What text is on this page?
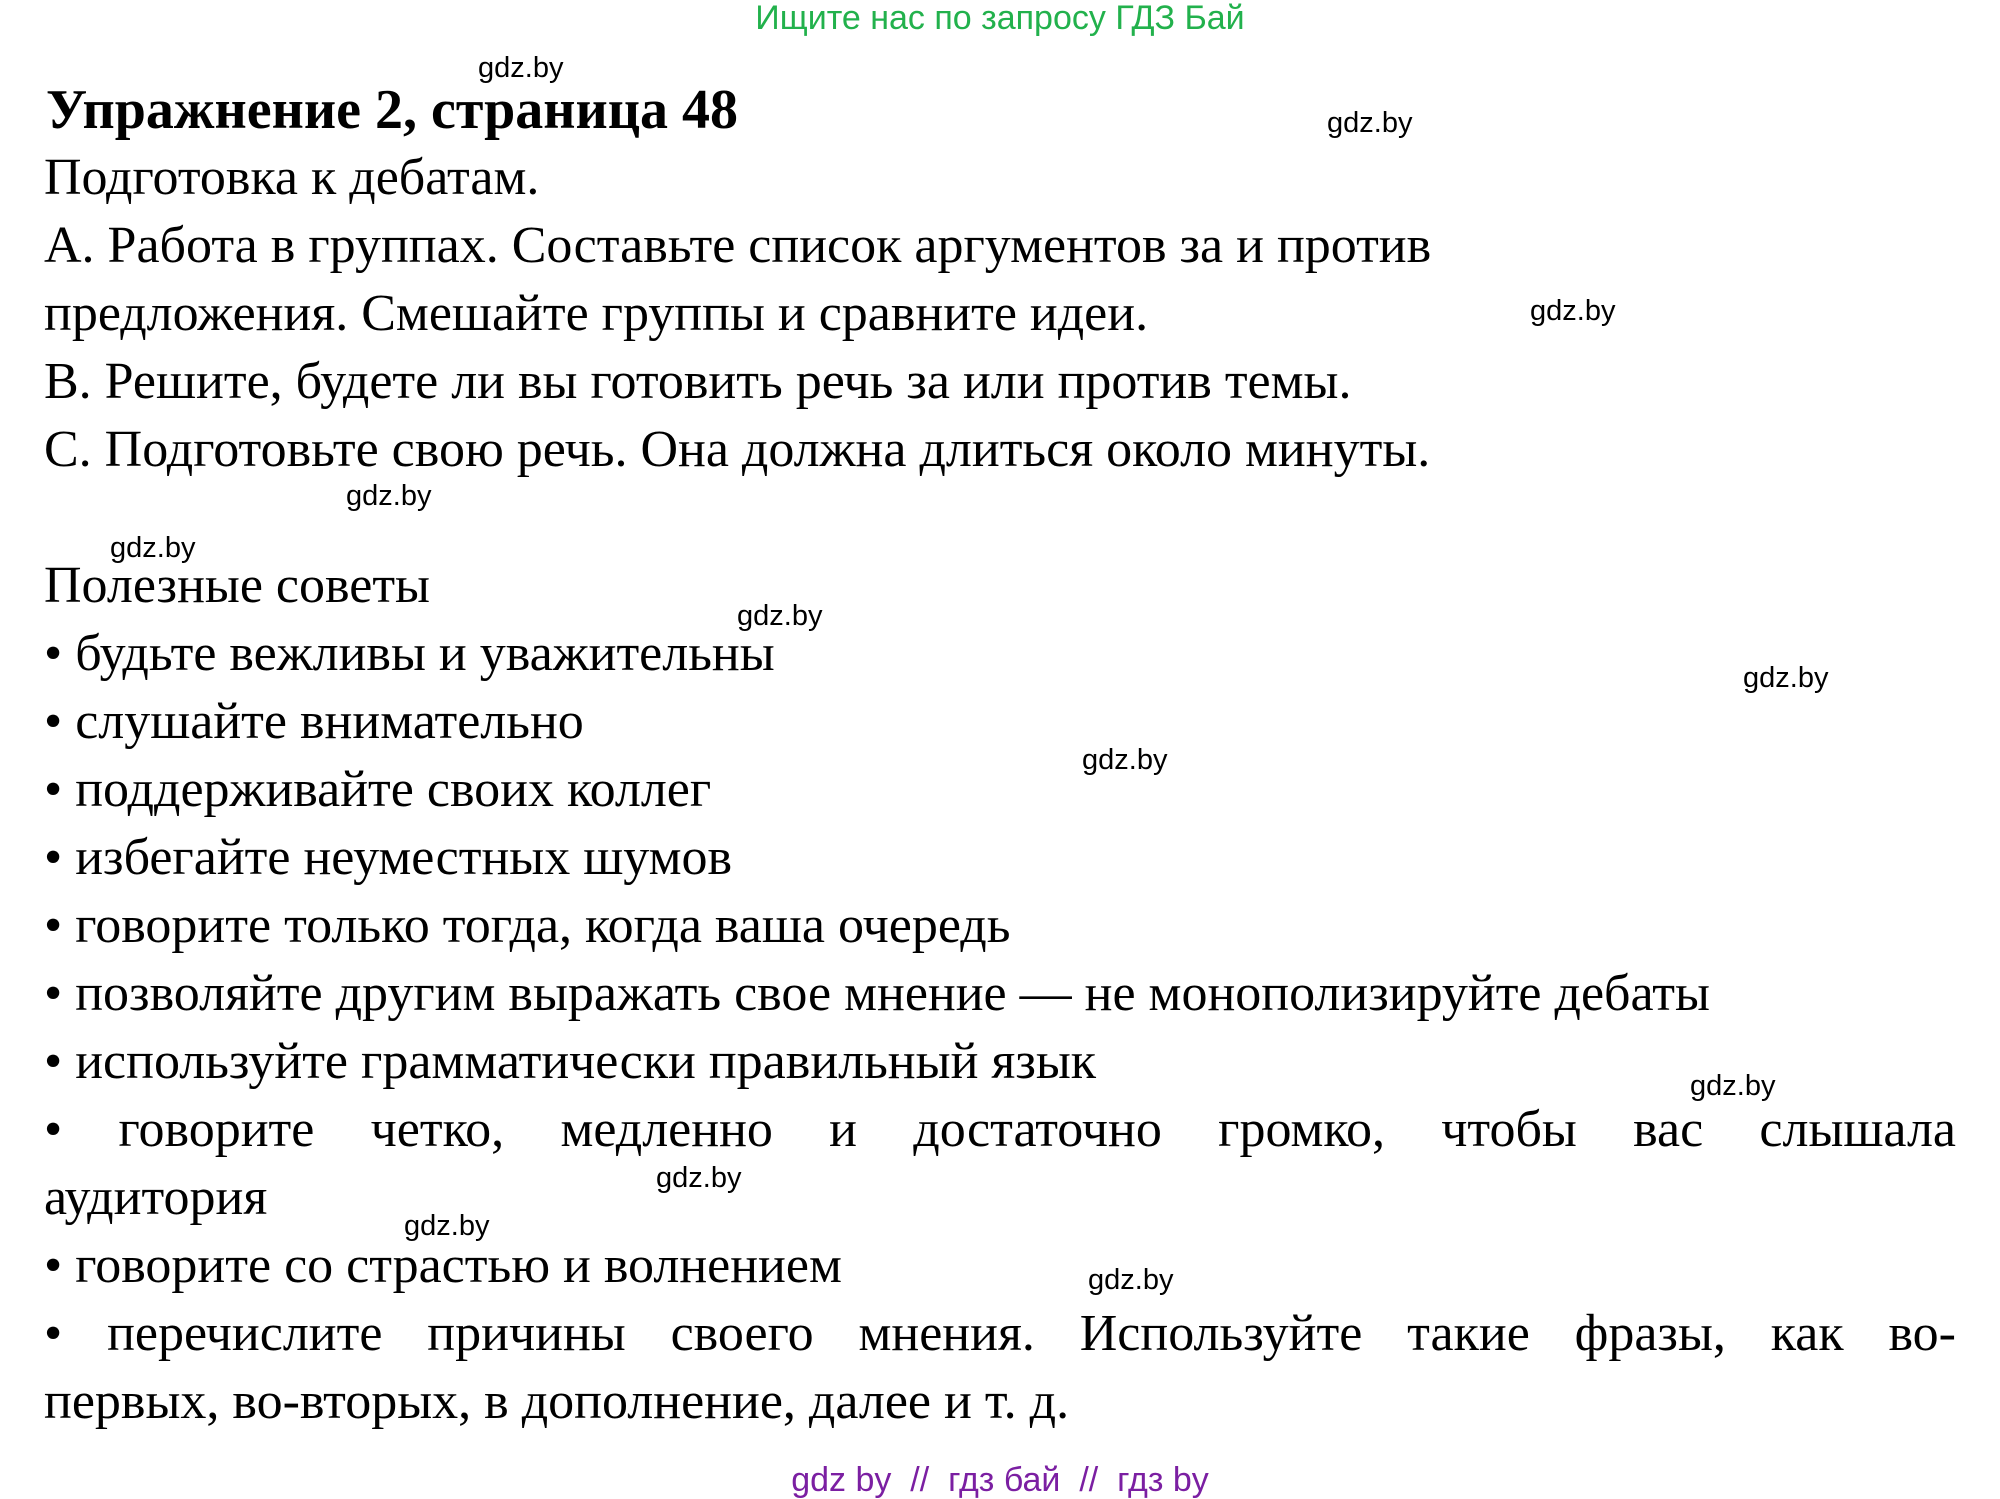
Ищите нас по запросу ГДЗ Бай
Упражнение 2, страница 48
Подготовка к дебатам.
А. Работа в группах. Составьте список аргументов за и против
предложения. Смешайте группы и сравните идеи.
В. Решите, будете ли вы готовить речь за или против темы.
С. Подготовьте свою речь. Она должна длиться около минуты.
Полезные советы
• будьте вежливы и уважительны
• слушайте внимательно
• поддерживайте своих коллег
• избегайте неуместных шумов
• говорите только тогда, когда ваша очередь
• позволяйте другим выражать свое мнение — не монополизируйте дебаты
• используйте грамматически правильный язык
• говорите четко, медленно и достаточно громко, чтобы вас слышала
аудитория
• говорите со страстью и волнением
• перечислите причины своего мнения. Используйте такие фразы, как во-
первых, во-вторых, в дополнение, далее и т. д.
gdz.by
gdz.by
gdz.by
gdz.by
gdz.by
gdz.by
gdz.by
gdz.by
gdz.by
gdz.by
gdz.by
gdz.by
gdz by  //  гдз бай  //  гдз by
